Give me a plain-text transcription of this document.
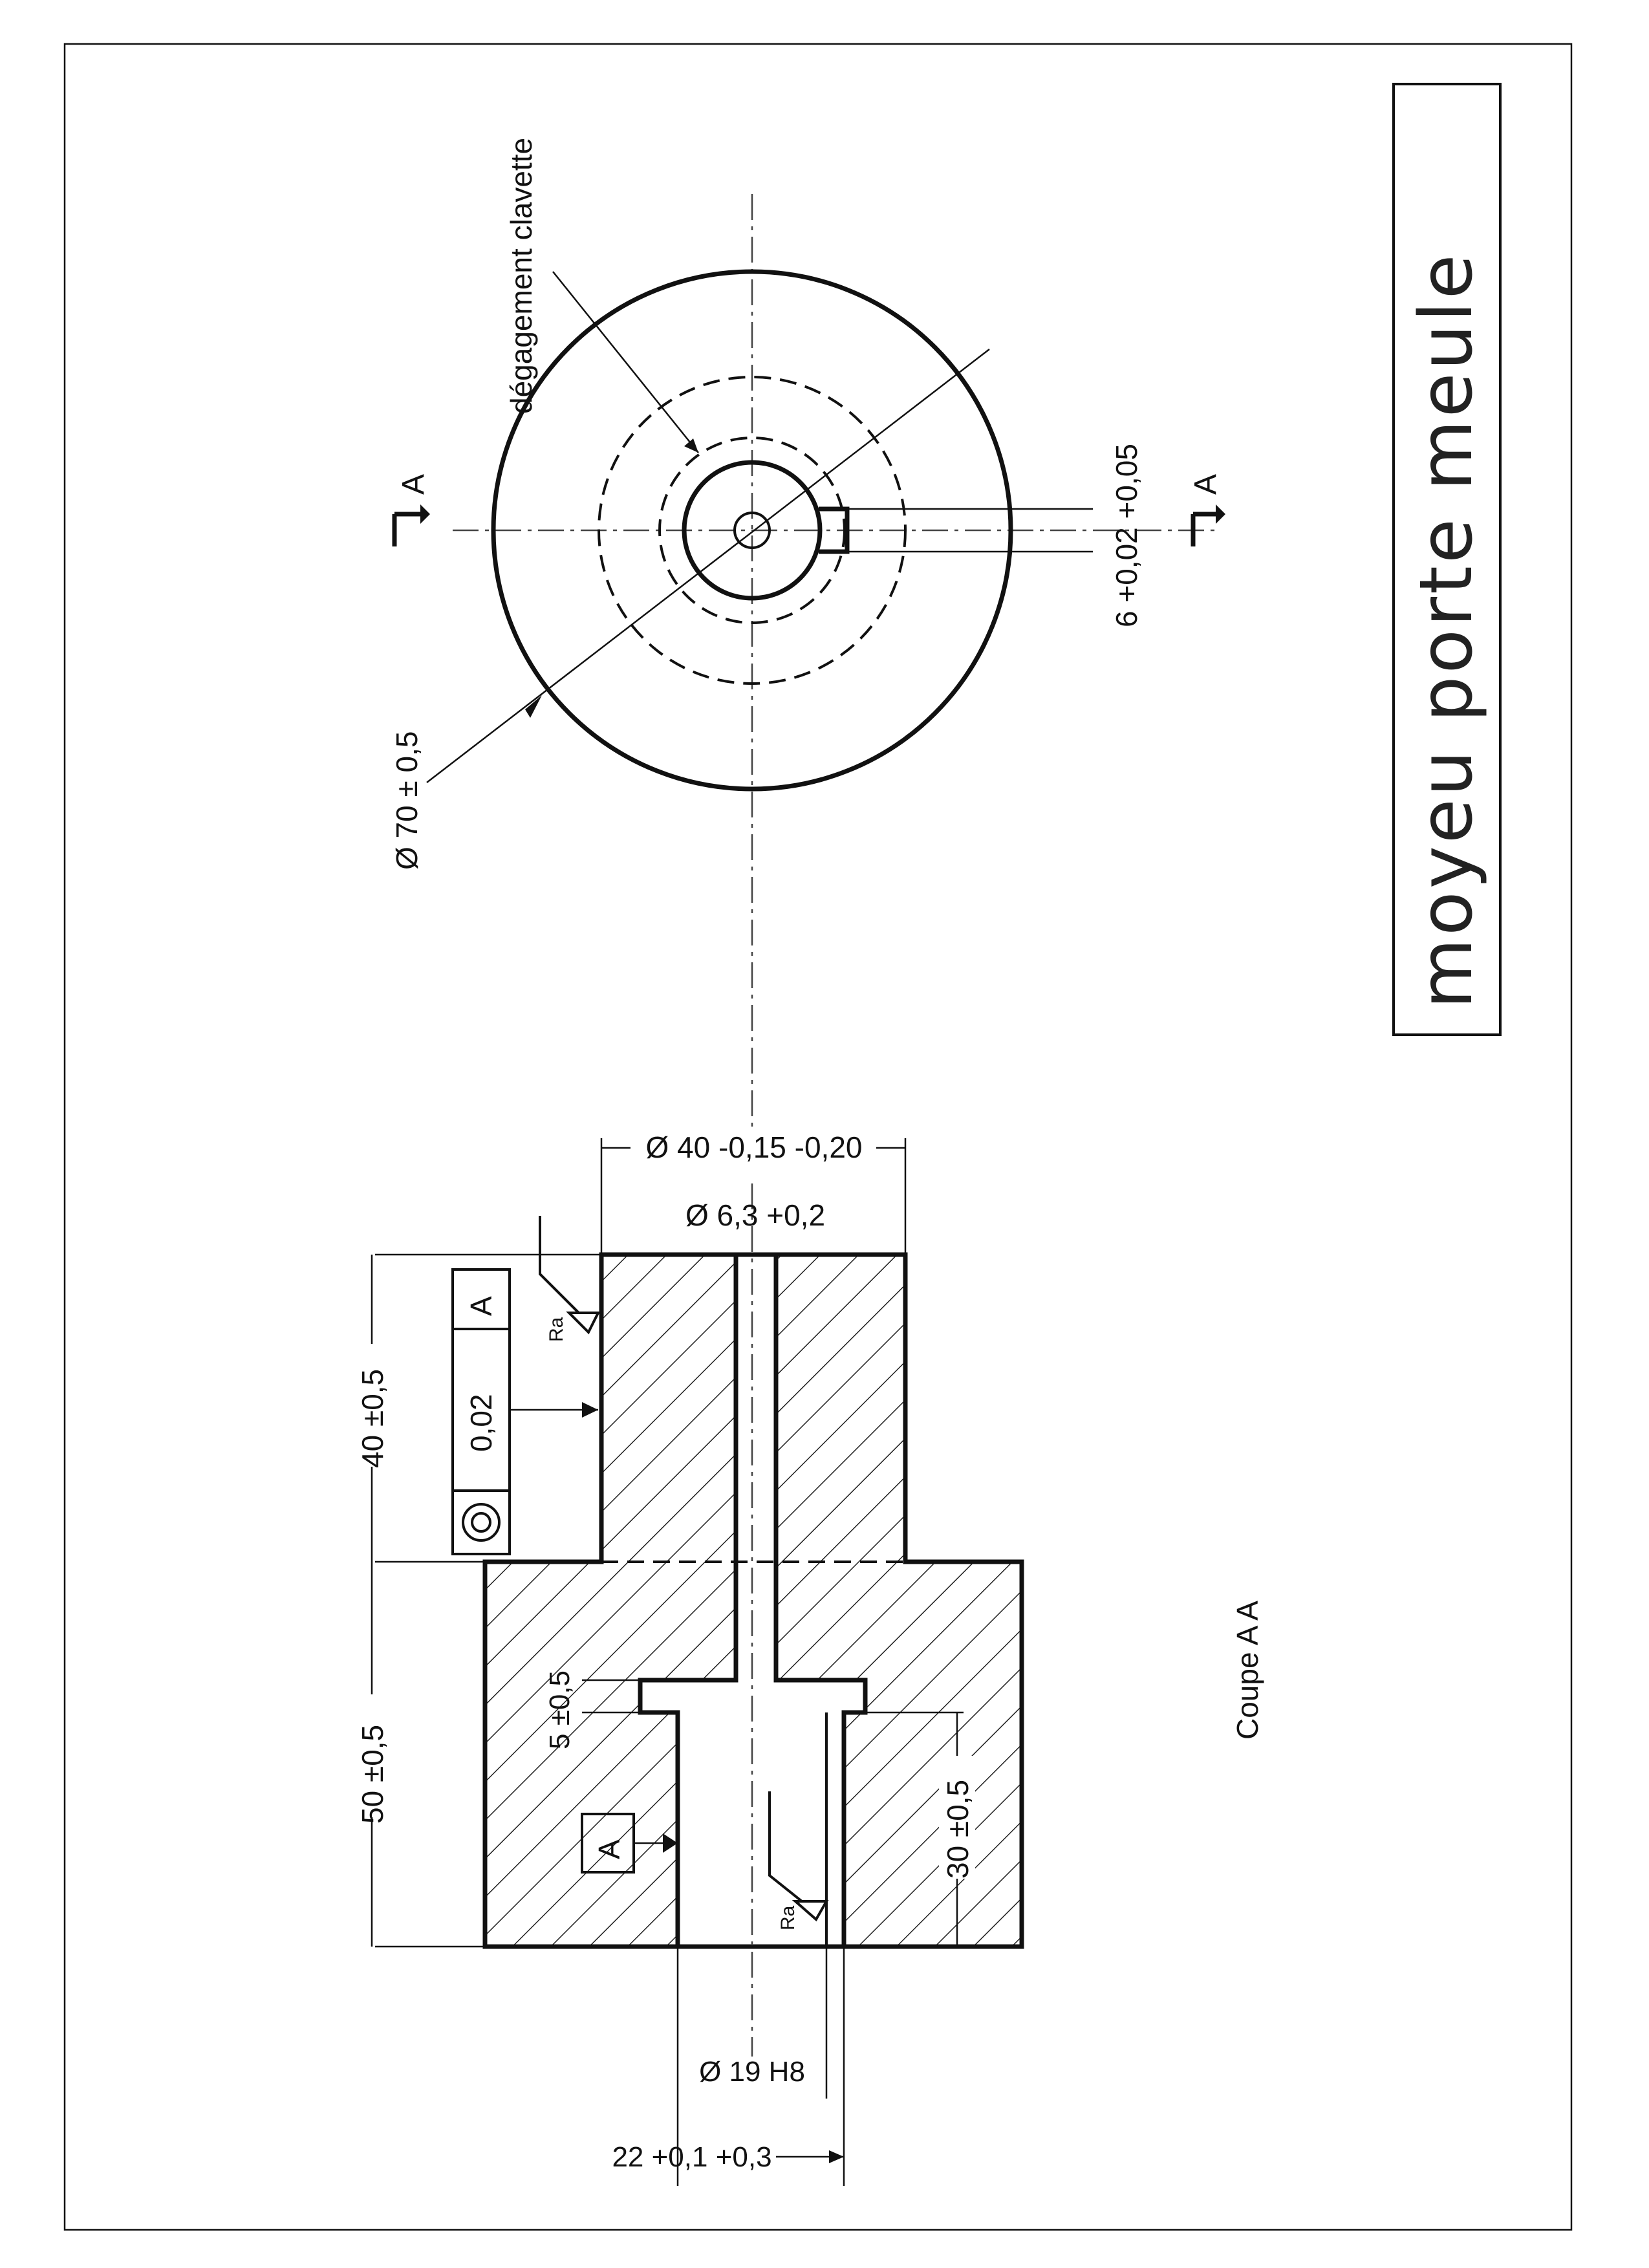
moyeu porte meule
dégagement clavette
Ø 70 ± 0,5
6 +0,02 +0,05
A	A
Ø 40 -0,15 -0,20
Ø 6,3 +0,2
40 ±0,5
50 ±0,5
A
0,02
Ra
5 ±0,5
A
Ra
30 ±0,5
Ø 19 H8
22 +0,1 +0,3
Coupe A A
